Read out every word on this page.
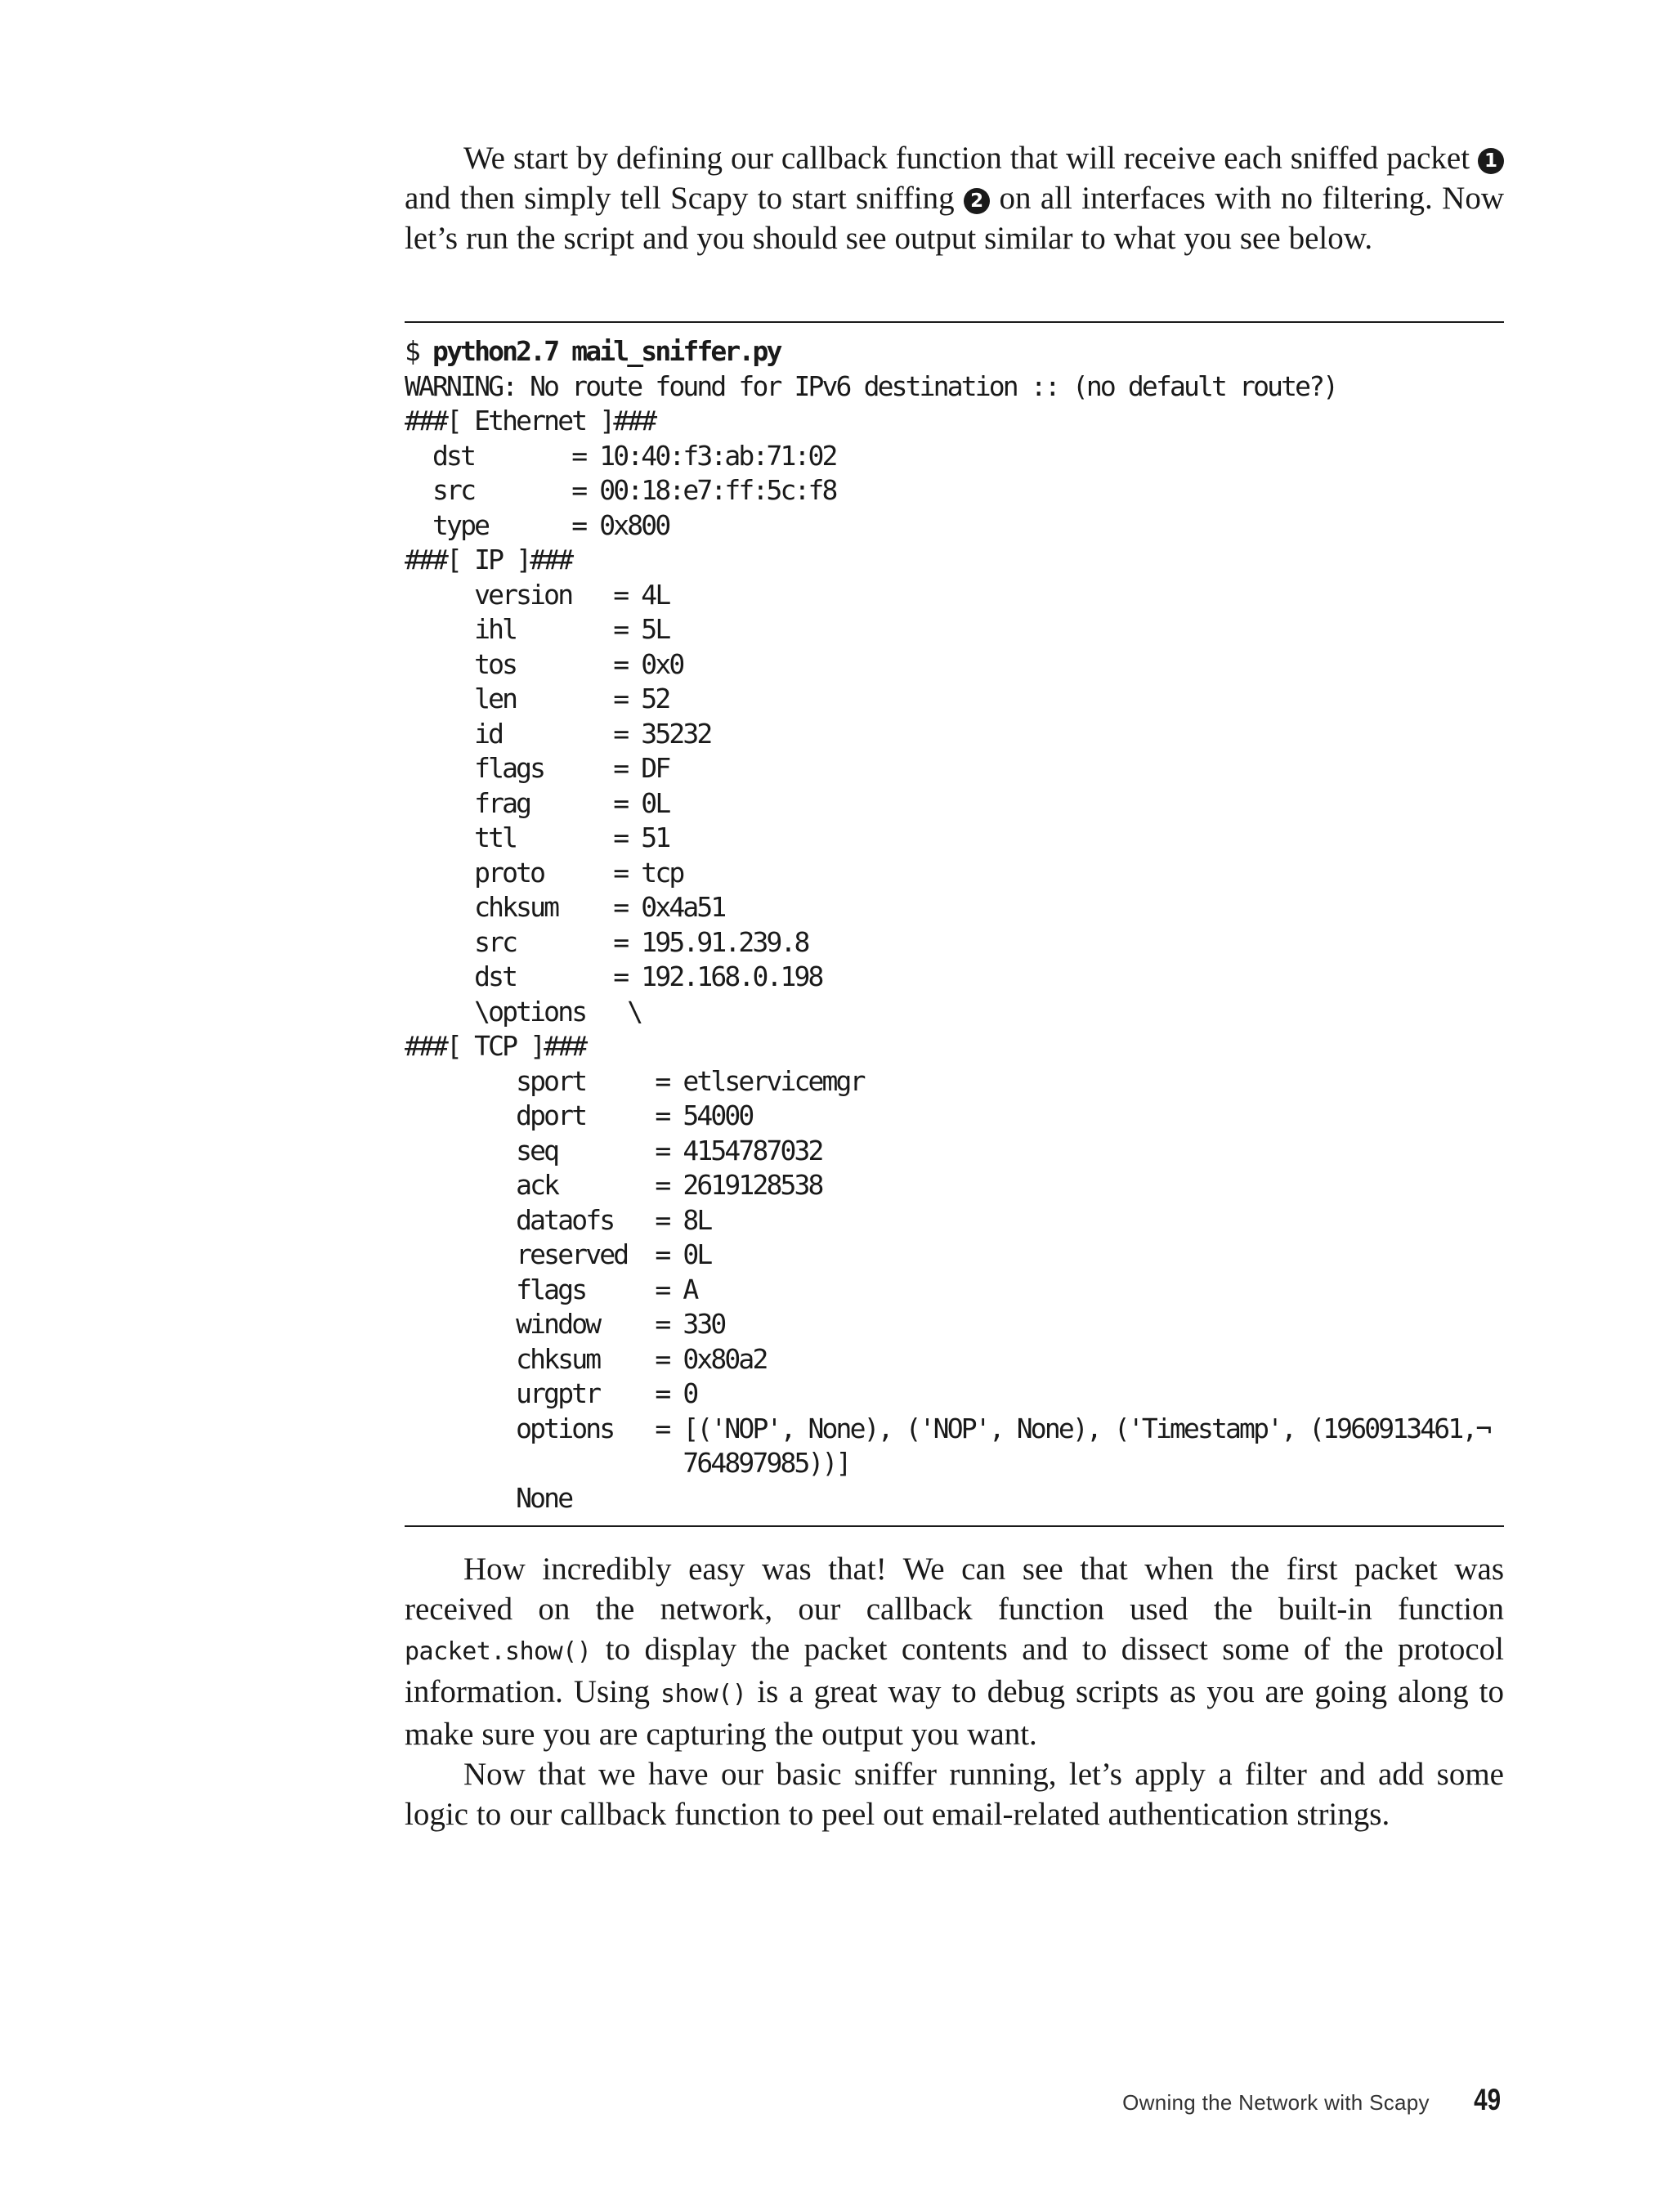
We start by defining our callback function that will receive each sniffed packet 1 and then simply tell Scapy to start sniffing 2 on all interfaces with no filtering. Now let’s run the script and you should see output similar to what you see below.

$ python2.7 mail_sniffer.py
WARNING: No route found for IPv6 destination :: (no default route?)
###[ Ethernet ]###
dst       = 10:40:f3:ab:71:02
src       = 00:18:e7:ff:5c:f8
type      = 0x800
###[ IP ]###
version   = 4L
ihl       = 5L
tos       = 0x0
len       = 52
id        = 35232
flags     = DF
frag      = 0L
ttl       = 51
proto     = tcp
chksum    = 0x4a51
src       = 195.91.239.8
dst       = 192.168.0.198
\options   \
###[ TCP ]###
sport     = etlservicemgr
dport     = 54000
seq       = 4154787032
ack       = 2619128538
dataofs   = 8L
reserved  = 0L
flags     = A
window    = 330
chksum    = 0x80a2
urgptr    = 0
options   = [('NOP', None), ('NOP', None), ('Timestamp', (1960913461,¬
764897985))]
None

How incredibly easy was that! We can see that when the first packet was received on the network, our callback function used the built-in function packet.show() to display the packet contents and to dissect some of the protocol information. Using show() is a great way to debug scripts as you are going along to make sure you are capturing the output you want.

Now that we have our basic sniffer running, let’s apply a filter and add some logic to our callback function to peel out email-related authentication strings.

Owning the Network with Scapy 49
